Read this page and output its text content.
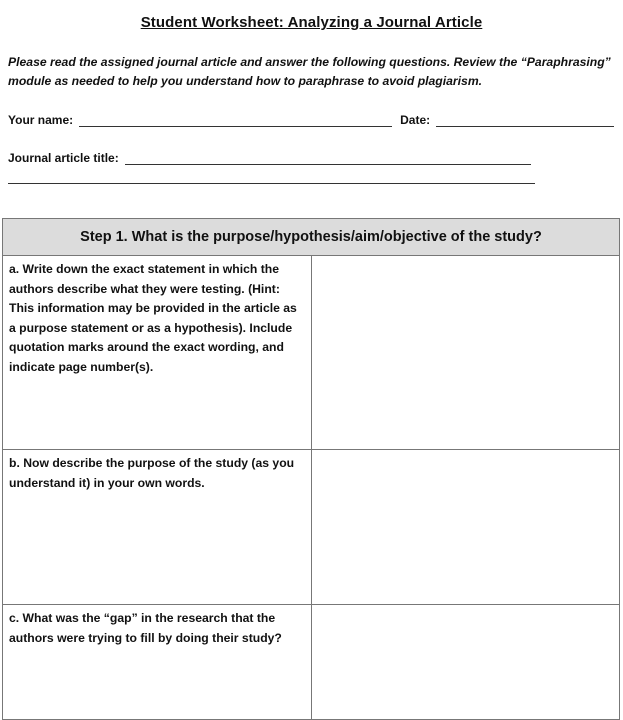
Student Worksheet: Analyzing a Journal Article
Please read the assigned journal article and answer the following questions. Review the “Paraphrasing” module as needed to help you understand how to paraphrase to avoid plagiarism.
Your name:	Date:
Journal article title:
Step 1. What is the purpose/hypothesis/aim/objective of the study?	
a. Write down the exact statement in which the authors describe what they were testing. (Hint: This information may be provided in the article as a purpose statement or as a hypothesis). Include quotation marks around the exact wording, and indicate page number(s).	
b. Now describe the purpose of the study (as you understand it) in your own words.	
c. What was the “gap” in the research that the authors were trying to fill by doing their study?	
